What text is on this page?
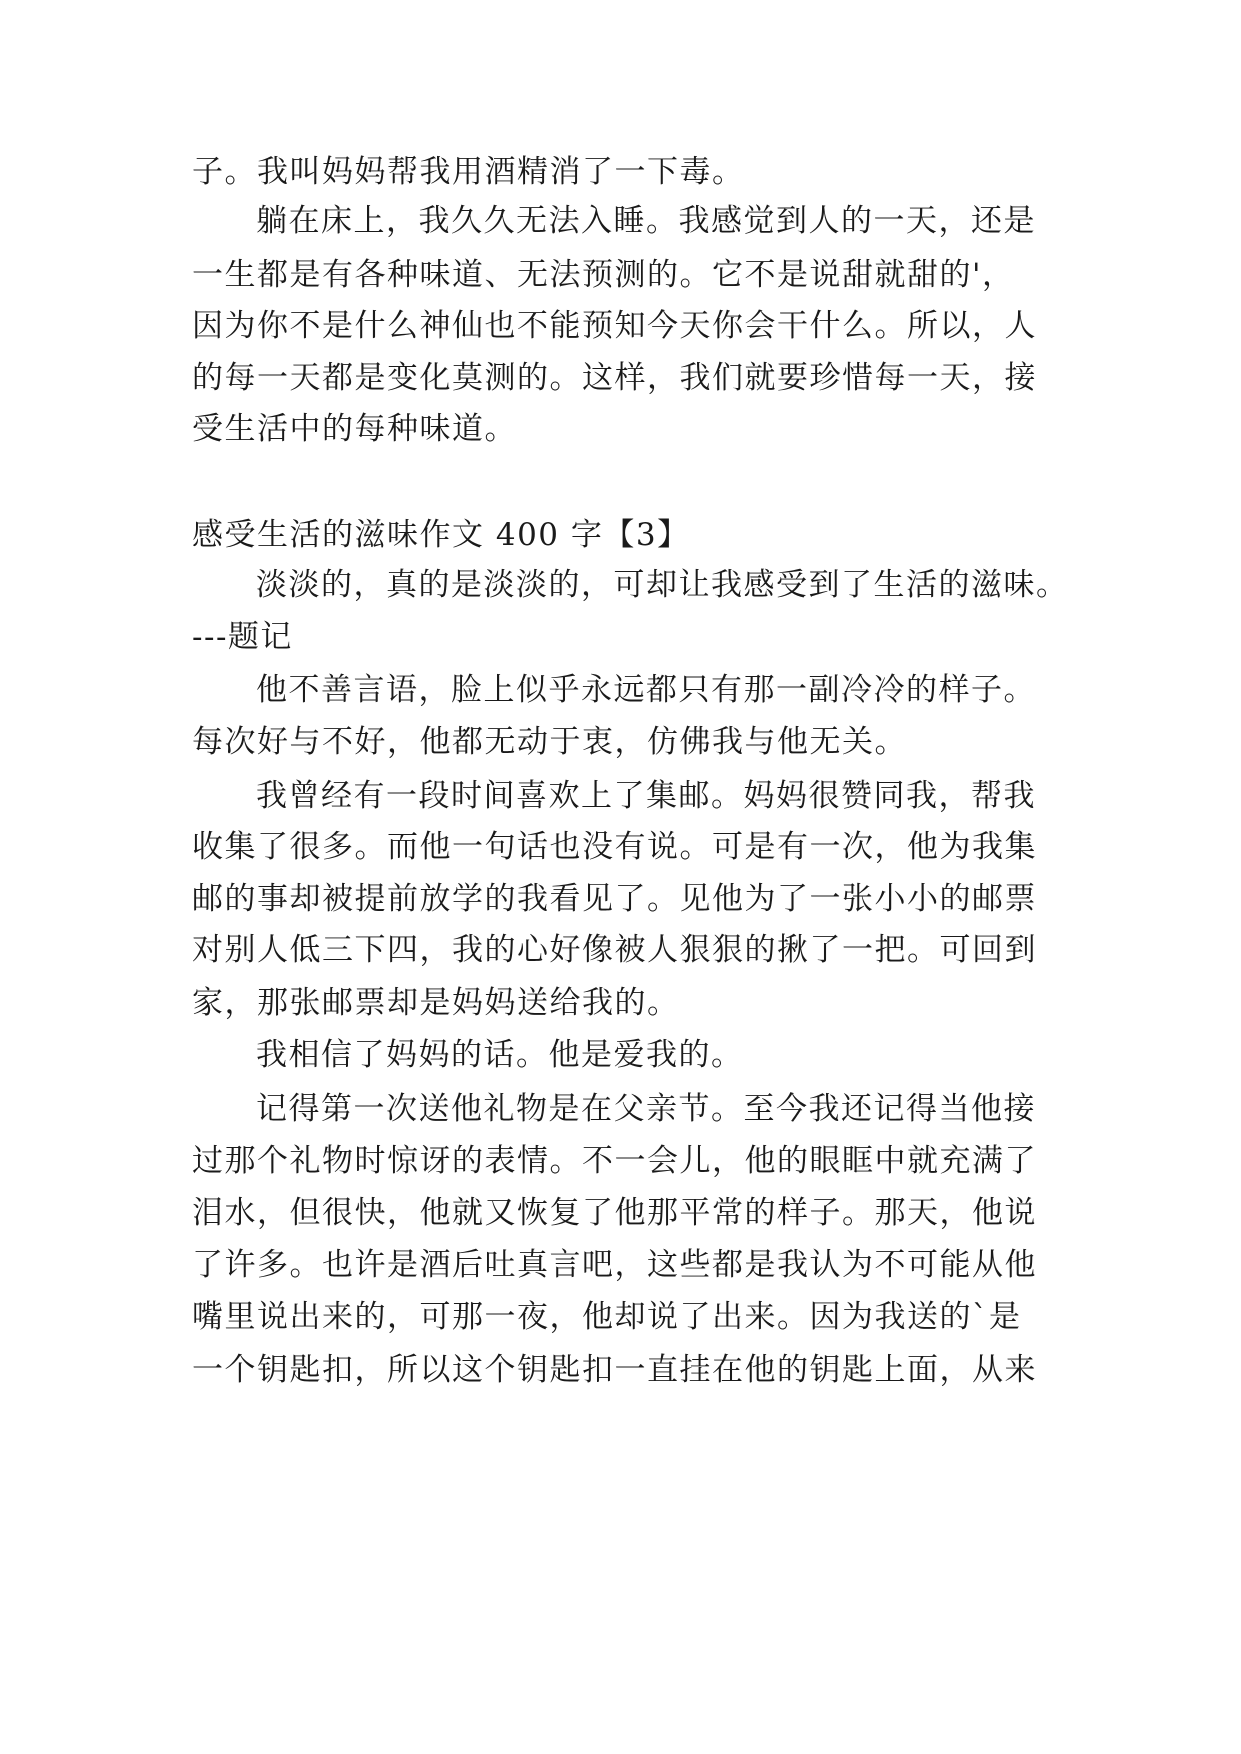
子。我叫妈妈帮我用酒精消了一下毒。
躺在床上，我久久无法入睡。我感觉到人的一天，还是
一生都是有各种味道、无法预测的。它不是说甜就甜的'，
因为你不是什么神仙也不能预知今天你会干什么。所以，人
的每一天都是变化莫测的。这样，我们就要珍惜每一天，接
受生活中的每种味道。
感受生活的滋味作文 400 字【3】
淡淡的，真的是淡淡的，可却让我感受到了生活的滋味。
---题记
他不善言语，脸上似乎永远都只有那一副冷冷的样子。
每次好与不好，他都无动于衷，仿佛我与他无关。
我曾经有一段时间喜欢上了集邮。妈妈很赞同我，帮我
收集了很多。而他一句话也没有说。可是有一次，他为我集
邮的事却被提前放学的我看见了。见他为了一张小小的邮票
对别人低三下四，我的心好像被人狠狠的揪了一把。可回到
家，那张邮票却是妈妈送给我的。
我相信了妈妈的话。他是爱我的。
记得第一次送他礼物是在父亲节。至今我还记得当他接
过那个礼物时惊讶的表情。不一会儿，他的眼眶中就充满了
泪水，但很快，他就又恢复了他那平常的样子。那天，他说
了许多。也许是酒后吐真言吧，这些都是我认为不可能从他
嘴里说出来的，可那一夜，他却说了出来。因为我送的`是
一个钥匙扣，所以这个钥匙扣一直挂在他的钥匙上面，从来
